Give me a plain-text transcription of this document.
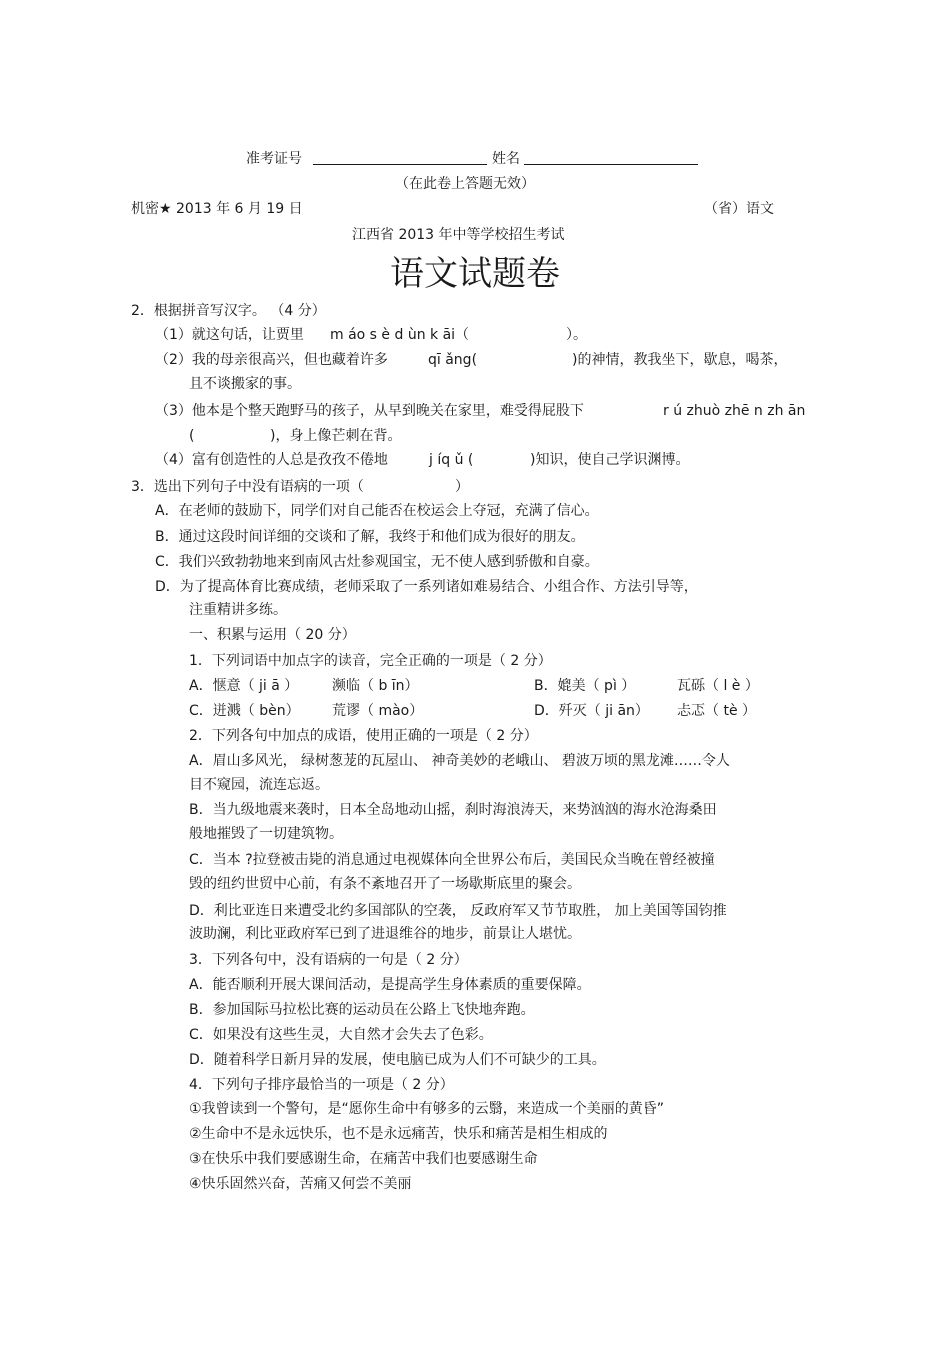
准考证号	姓名
（在此卷上答题无效）
机密★ 2013 年 6 月 19 日	（省）语文
江西省 2013 年中等学校招生考试
语文试题卷
2．根据拼音写汉字。 （4 分）
（1）就这句话，让贾里 m áo s è d ùn k āi（	）。
（2）我的母亲很高兴，但也藏着许多	qī ǎng(	)的神情，教我坐下，歇息，喝茶，
且不谈搬家的事。
（3）他本是个整天跑野马的孩子，从早到晚关在家里，难受得屁股下	r ú zhuò zhē n zh ān
(	)，身上像芒刺在背。
（4）富有创造性的人总是孜孜不倦地	j íq ǔ (	)知识，使自己学识渊博。
3．选出下列句子中没有语病的一项（	）
A．在老师的鼓励下，同学们对自己能否在校运会上夺冠，充满了信心。
B．通过这段时间详细的交谈和了解，我终于和他们成为很好的朋友。
C．我们兴致勃勃地来到南风古灶参观国宝，无不使人感到骄傲和自豪。
D．为了提高体育比赛成绩，老师采取了一系列诸如难易结合、小组合作、方法引导等，
注重精讲多练。
一、积累与运用（ 20 分）
1．下列词语中加点字的读音，完全正确的一项是（ 2 分）
A．惬意（ ji ā ） 濒临（ b īn）	B．媲美（ pì ）	瓦砾（ l è ）
C．迸溅（ bèn） 荒谬（ mào）	D．歼灭（ ji ān） 忐忑（ tè ）
2．下列各句中加点的成语，使用正确的一项是（ 2 分）
A．眉山多风光， 绿树葱茏的瓦屋山、 神奇美妙的老峨山、 碧波万顷的黑龙滩……令人
目不窥园，流连忘返。
B．当九级地震来袭时，日本全岛地动山摇，刹时海浪涛天，来势汹汹的海水沧海桑田
般地摧毁了一切建筑物。
C．当本 ?拉登被击毙的消息通过电视媒体向全世界公布后，美国民众当晚在曾经被撞
毁的纽约世贸中心前，有条不紊地召开了一场歇斯底里的聚会。
D．利比亚连日来遭受北约多国部队的空袭， 反政府军又节节取胜， 加上美国等国钧推
波助澜，利比亚政府军已到了进退维谷的地步，前景让人堪忧。
3．下列各句中，没有语病的一句是（ 2 分）
A．能否顺利开展大课间活动，是提高学生身体素质的重要保障。
B．参加国际马拉松比赛的运动员在公路上飞快地奔跑。
C．如果没有这些生灵，大自然才会失去了色彩。
D．随着科学日新月异的发展，使电脑已成为人们不可缺少的工具。
4．下列句子排序最恰当的一项是（ 2 分）
①我曾读到一个警句，是“愿你生命中有够多的云翳，来造成一个美丽的黄昏”
②生命中不是永远快乐，也不是永远痛苦，快乐和痛苦是相生相成的
③在快乐中我们要感谢生命，在痛苦中我们也要感谢生命
④快乐固然兴奋，苦痛又何尝不美丽
